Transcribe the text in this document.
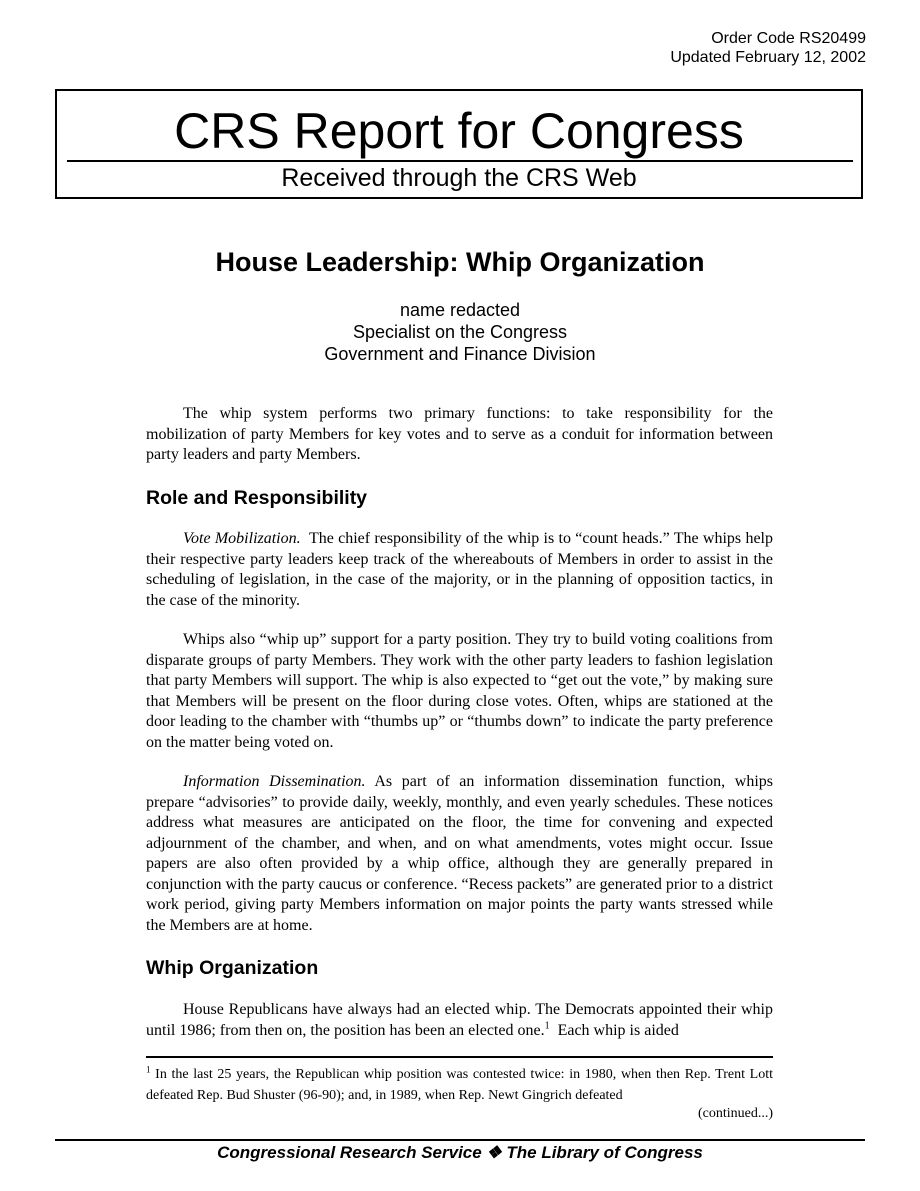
Order Code RS20499
Updated February 12, 2002
CRS Report for Congress
Received through the CRS Web
House Leadership: Whip Organization
name redacted
Specialist on the Congress
Government and Finance Division

The whip system performs two primary functions: to take responsibility for the mobilization of party Members for key votes and to serve as a conduit for information between party leaders and party Members.

Role and Responsibility

Vote Mobilization. The chief responsibility of the whip is to “count heads.” The whips help their respective party leaders keep track of the whereabouts of Members in order to assist in the scheduling of legislation, in the case of the majority, or in the planning of opposition tactics, in the case of the minority.

Whips also “whip up” support for a party position. They try to build voting coalitions from disparate groups of party Members. They work with the other party leaders to fashion legislation that party Members will support. The whip is also expected to “get out the vote,” by making sure that Members will be present on the floor during close votes. Often, whips are stationed at the door leading to the chamber with “thumbs up” or “thumbs down” to indicate the party preference on the matter being voted on.

Information Dissemination. As part of an information dissemination function, whips prepare “advisories” to provide daily, weekly, monthly, and even yearly schedules. These notices address what measures are anticipated on the floor, the time for convening and expected adjournment of the chamber, and when, and on what amendments, votes might occur. Issue papers are also often provided by a whip office, although they are generally prepared in conjunction with the party caucus or conference. “Recess packets” are generated prior to a district work period, giving party Members information on major points the party wants stressed while the Members are at home.

Whip Organization

House Republicans have always had an elected whip. The Democrats appointed their whip until 1986; from then on, the position has been an elected one.$^1$ Each whip is aided

$^1$ In the last 25 years, the Republican whip position was contested twice: in 1980, when then Rep. Trent Lott defeated Rep. Bud Shuster (96-90); and, in 1989, when Rep. Newt Gingrich defeated

(continued...)
Congressional Research Service ❖ The Library of Congress
